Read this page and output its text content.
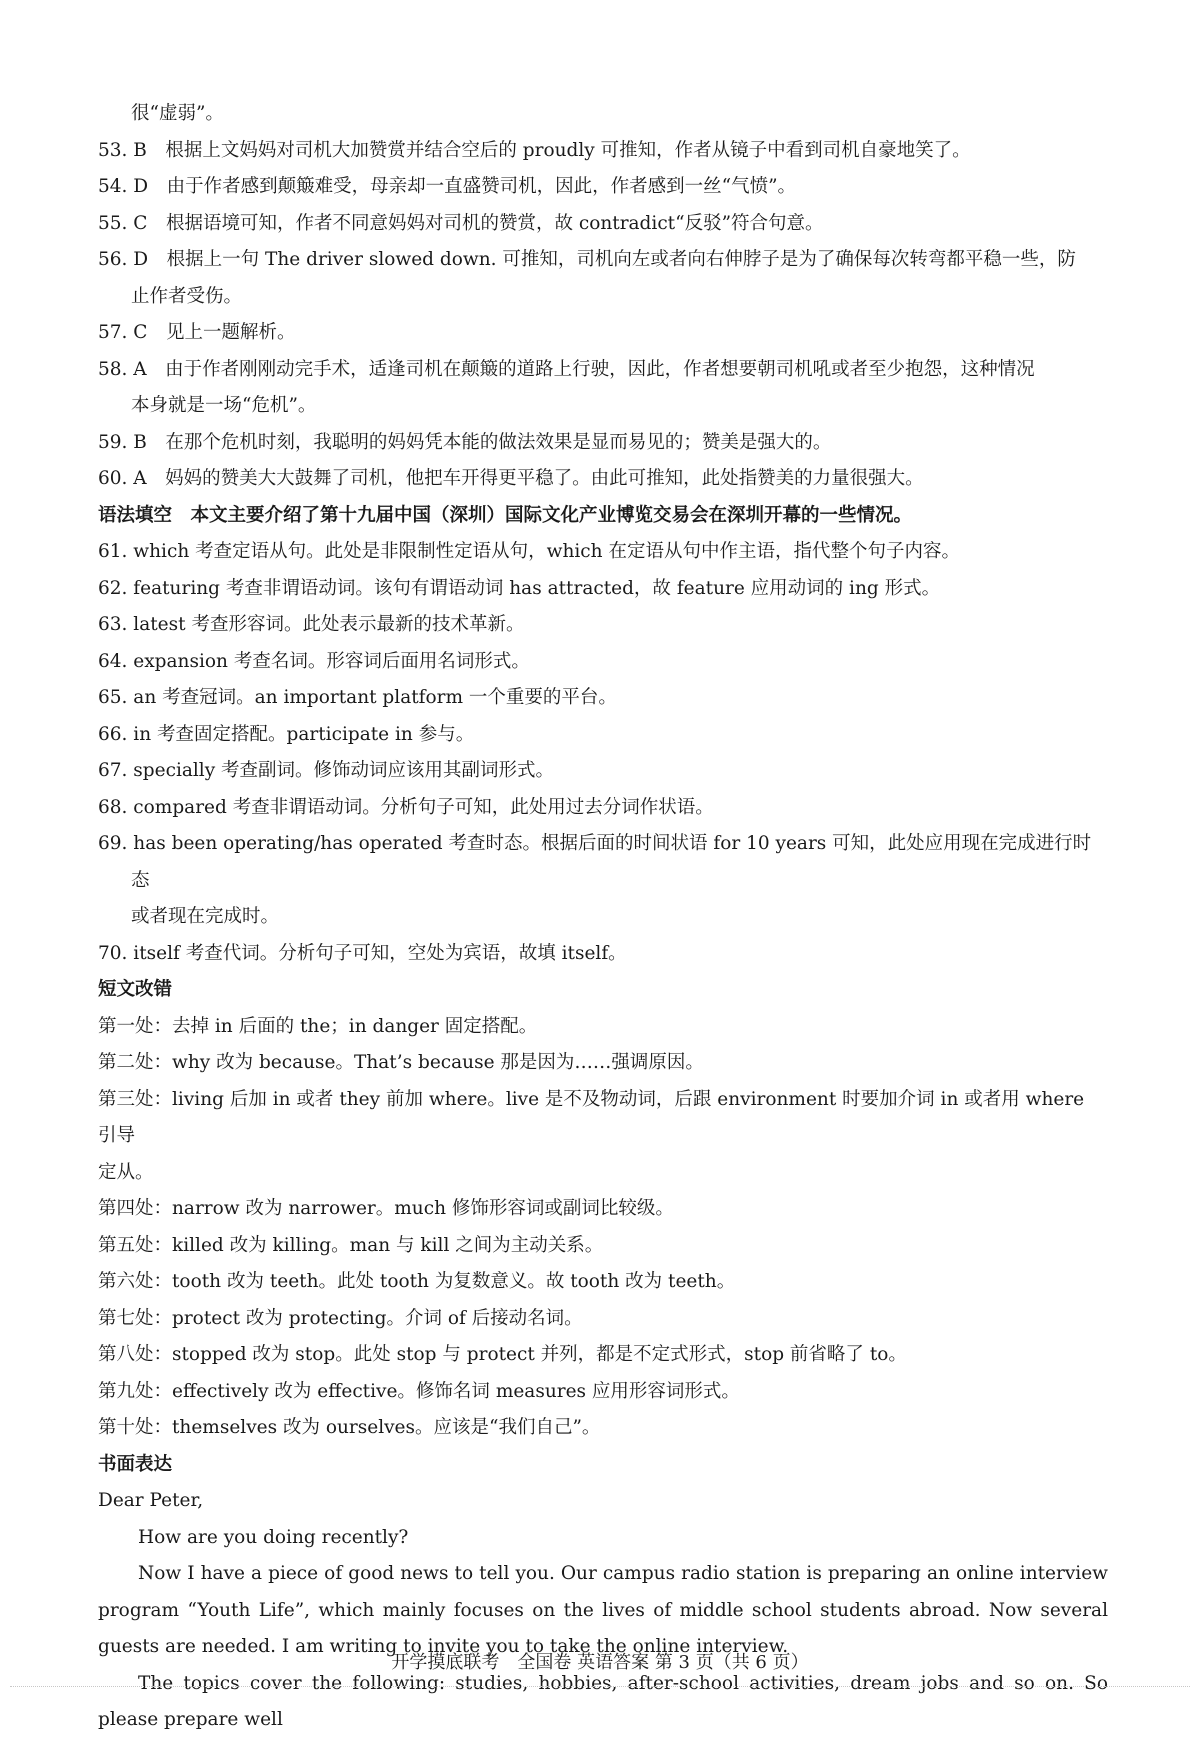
很“虚弱”。

53. B　根据上文妈妈对司机大加赞赏并结合空后的 proudly 可推知，作者从镜子中看到司机自豪地笑了。

54. D　由于作者感到颠簸难受，母亲却一直盛赞司机，因此，作者感到一丝“气愤”。

55. C　根据语境可知，作者不同意妈妈对司机的赞赏，故 contradict“反驳”符合句意。

56. D　根据上一句 The driver slowed down. 可推知，司机向左或者向右伸脖子是为了确保每次转弯都平稳一些，防

止作者受伤。

57. C　见上一题解析。

58. A　由于作者刚刚动完手术，适逢司机在颠簸的道路上行驶，因此，作者想要朝司机吼或者至少抱怨，这种情况

本身就是一场“危机”。

59. B　在那个危机时刻，我聪明的妈妈凭本能的做法效果是显而易见的；赞美是强大的。

60. A　妈妈的赞美大大鼓舞了司机，他把车开得更平稳了。由此可推知，此处指赞美的力量很强大。

语法填空　本文主要介绍了第十九届中国（深圳）国际文化产业博览交易会在深圳开幕的一些情况。

61. which 考查定语从句。此处是非限制性定语从句，which 在定语从句中作主语，指代整个句子内容。

62. featuring 考查非谓语动词。该句有谓语动词 has attracted，故 feature 应用动词的 ing 形式。

63. latest 考查形容词。此处表示最新的技术革新。

64. expansion 考查名词。形容词后面用名词形式。

65. an 考查冠词。an important platform 一个重要的平台。

66. in 考查固定搭配。participate in 参与。

67. specially 考查副词。修饰动词应该用其副词形式。

68. compared 考查非谓语动词。分析句子可知，此处用过去分词作状语。

69. has been operating/has operated 考查时态。根据后面的时间状语 for 10 years 可知，此处应用现在完成进行时态

或者现在完成时。

70. itself 考查代词。分析句子可知，空处为宾语，故填 itself。

短文改错

第一处：去掉 in 后面的 the；in danger 固定搭配。

第二处：why 改为 because。That’s because 那是因为……强调原因。

第三处：living 后加 in 或者 they 前加 where。live 是不及物动词，后跟 environment 时要加介词 in 或者用 where 引导

定从。

第四处：narrow 改为 narrower。much 修饰形容词或副词比较级。

第五处：killed 改为 killing。man 与 kill 之间为主动关系。

第六处：tooth 改为 teeth。此处 tooth 为复数意义。故 tooth 改为 teeth。

第七处：protect 改为 protecting。介词 of 后接动名词。

第八处：stopped 改为 stop。此处 stop 与 protect 并列，都是不定式形式，stop 前省略了 to。

第九处：effectively 改为 effective。修饰名词 measures 应用形容词形式。

第十处：themselves 改为 ourselves。应该是“我们自己”。

书面表达

Dear Peter,

How are you doing recently?

Now I have a piece of good news to tell you. Our campus radio station is preparing an online interview program “Youth Life”, which mainly focuses on the lives of middle school students abroad. Now several guests are needed. I am writing to invite you to take the online interview.

The topics cover the following: studies, hobbies, after-school activities, dream jobs and so on. So please prepare well

开学摸底联考　全国卷 英语答案 第 3 页（共 6 页）
